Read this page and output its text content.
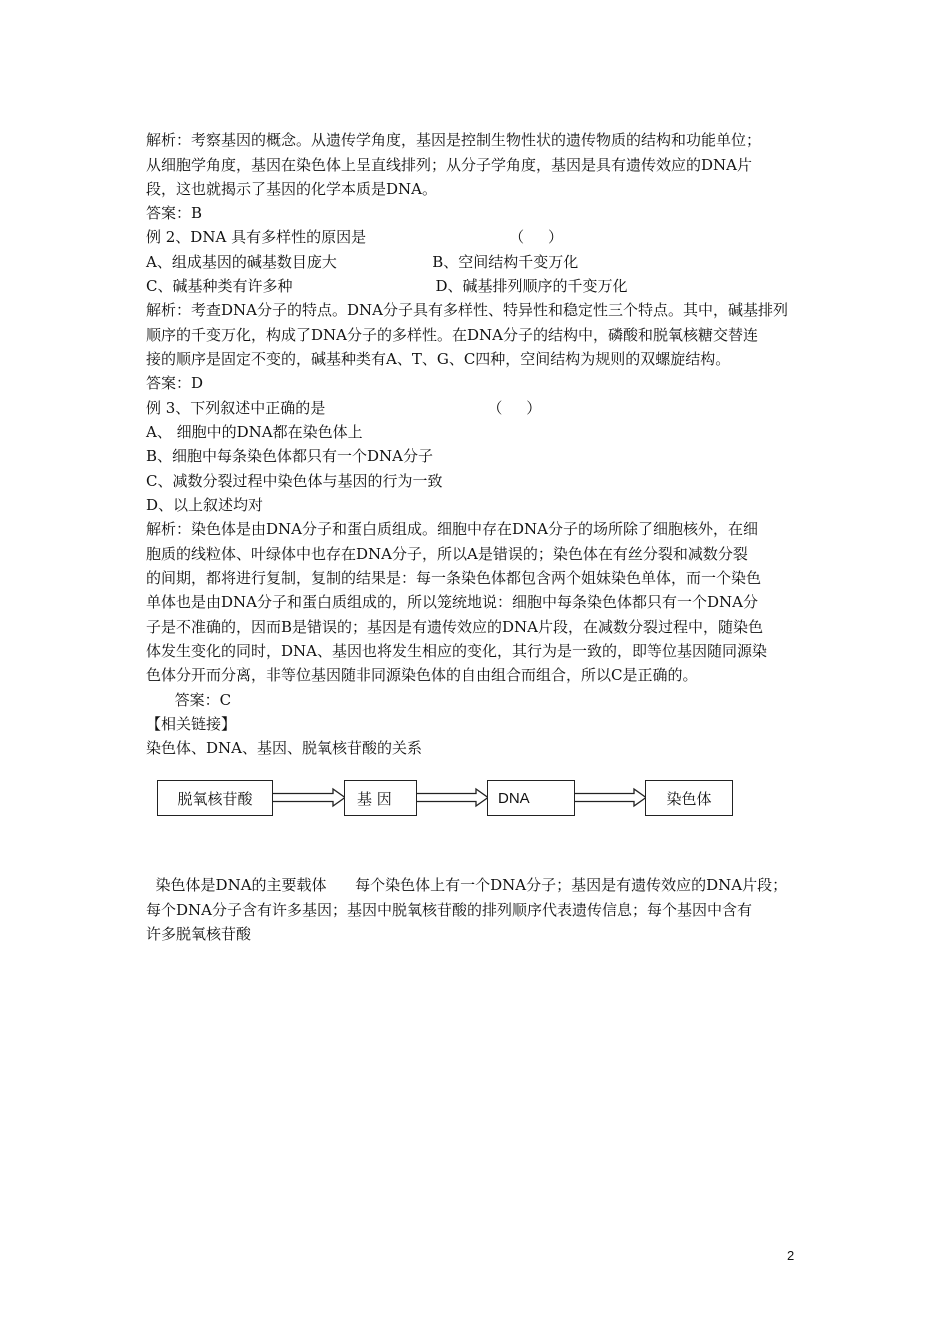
解析：考察基因的概念。从遗传学角度，基因是控制生物性状的遗传物质的结构和功能单位；
从细胞学角度，基因在染色体上呈直线排列；从分子学角度，基因是具有遗传效应的DNA片
段，这也就揭示了基因的化学本质是DNA。
答案：B
例 2、DNA 具有多样性的原因是                              （     ）
A、组成基因的碱基数目庞大                    B、空间结构千变万化
C、碱基种类有许多种                              D、碱基排列顺序的千变万化
解析：考查DNA分子的特点。DNA分子具有多样性、特异性和稳定性三个特点。其中，碱基排列
顺序的千变万化，构成了DNA分子的多样性。在DNA分子的结构中，磷酸和脱氧核糖交替连
接的顺序是固定不变的，碱基种类有A、T、G、C四种，空间结构为规则的双螺旋结构。
答案：D
例 3、下列叙述中正确的是                                  （     ）
A、 细胞中的DNA都在染色体上
B、细胞中每条染色体都只有一个DNA分子
C、减数分裂过程中染色体与基因的行为一致
D、以上叙述均对
解析：染色体是由DNA分子和蛋白质组成。细胞中存在DNA分子的场所除了细胞核外，在细
胞质的线粒体、叶绿体中也存在DNA分子，所以A是错误的；染色体在有丝分裂和减数分裂
的间期，都将进行复制，复制的结果是：每一条染色体都包含两个姐妹染色单体，而一个染色
单体也是由DNA分子和蛋白质组成的，所以笼统地说：细胞中每条染色体都只有一个DNA分
子是不准确的，因而B是错误的；基因是有遗传效应的DNA片段，在减数分裂过程中，随染色
体发生变化的同时，DNA、基因也将发生相应的变化，其行为是一致的，即等位基因随同源染
色体分开而分离，非等位基因随非同源染色体的自由组合而组合，所以C是正确的。
答案：C
【相关链接】
染色体、DNA、基因、脱氧核苷酸的关系
脱氧核苷酸	基 因	DNA	染色体
染色体是DNA的主要载体      每个染色体上有一个DNA分子；基因是有遗传效应的DNA片段；
每个DNA分子含有许多基因；基因中脱氧核苷酸的排列顺序代表遗传信息；每个基因中含有
许多脱氧核苷酸
2
